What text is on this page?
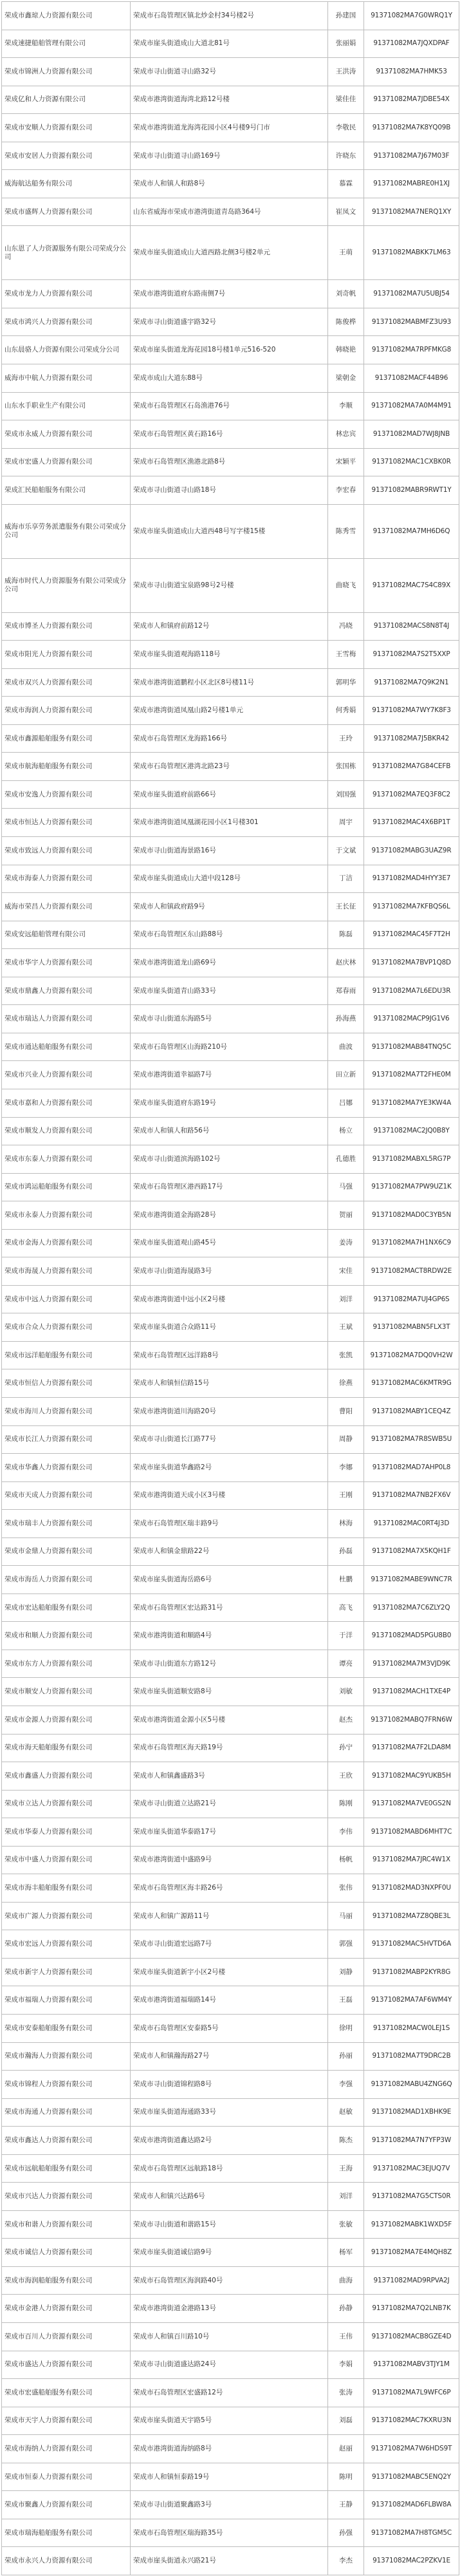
荣成市鑫琼人力资源有限公司	荣成市石岛管理区镇北炒金村34号楼2号	孙建国	91371082MA7G0WRQ1Y
荣成速捷船舶管理有限公司	荣成市崖头街道成山大道北81号	张丽娟	91371082MA7JQXDPAF
荣成市锦洲人力资源有限公司	荣成市寻山街道寻山路32号	王洪涛	91371082MA7HMK53
荣成亿和人力资源有限公司	荣成市港湾街道海湾北路12号楼	梁佳佳	91371082MA7JDBE54X
荣成市安顺人力资源有限公司	荣成市港湾街道龙海湾花园小区4号楼9号门市	李敬民	91371082MA7K8YQ09B
荣成市安居人力资源有限公司	荣成市寻山街道寻山路169号	许晓东	91371082MA7J67M03F
威海航达船务有限公司	荣成市人和镇人和路8号	慕霖	91371082MABRE0H1XJ
荣成市盛辉人力资源有限公司	山东省威海市荣成市港湾街道青岛路364号	崔凤文	91371082MA7NERQ1XY
山东恩了人力资源服务有限公司荣成分公司	荣成市崖头街道成山大道西路北侧3号楼2单元	王萌	91371082MABKK7LM63
荣成市龙力人力资源有限公司	荣成市港湾街道府东路南侧7号	刘奇帆	91371082MA7U5UBJ54
荣成市鸿兴人力资源有限公司	荣成市寻山街道盛宇路32号	陈俊桦	91371082MABMFZ3U93
山东晨骆人力资源有限公司荣成分公司	荣成市崖头街道龙海花园18号楼1单元516-520	韩晓艳	91371082MA7RPFMKG8
威海市中航人力资源有限公司	荣成市成山大道东88号	梁朝金	91371082MACF44B96
山东水手职业生产有限公司	荣成市石岛管理区石岛渔港76号	李顺	91371082MA7A0M4M91
荣成市永威人力资源有限公司	荣成市石岛管理区黄石路16号	林忠宾	91371082MAD7WJ8JNB
荣成市宏盛人力资源有限公司	荣成市石岛管理区渔港北路8号	宋颖平	91371082MAC1CXBK0R
荣成汇民船舶服务有限公司	荣成市寻山街道寻山路18号	李宏春	91371082MABR9RWT1Y
威海市乐享劳务派遣服务有限公司荣成分公司	荣成市崖头街道成山大道西48号写字楼15楼	陈秀雪	91371082MA7MH6D6Q
威海市时代人力资源服务有限公司荣成分公司	荣成市寻山街道宝泉路98号2号楼	曲晓飞	91371082MAC7S4C89X
荣成市博圣人力资源有限公司	荣成市人和镇府前路12号	冯晓	91371082MACS8N8T4J
荣成市阳光人力资源有限公司	荣成市崖头街道观海路118号	王雪梅	91371082MA7S2T5XXP
荣成市双兴人力资源有限公司	荣成市港湾街道鹏程小区北区8号楼11号	郭明华	91371082MA7Q9K2N1
荣成市海润人力资源有限公司	荣成市港湾街道凤凰山路2号楼1单元	何秀娟	91371082MA7WY7K8F3
荣成市鑫源船舶服务有限公司	荣成市石岛管理区龙海路166号	王玲	91371082MA7J5BKR42
荣成市航海船舶服务有限公司	荣成市石岛管理区港湾北路23号	张国栋	91371082MA7G84CEFB
荣成市安逸人力资源有限公司	荣成市崖头街道府前路66号	刘国强	91371082MA7EQ3F8C2
荣成市恒达人力资源有限公司	荣成市港湾街道凤凰湖花园小区1号楼301	周宇	91371082MAC4X6BP1T
荣成市致远人力资源有限公司	荣成市寻山街道海景路16号	于文斌	91371082MABG3UAZ9R
荣成市海泰人力资源有限公司	荣成市崖头街道成山大道中段128号	丁洁	91371082MAD4HYY3E7
威海市荣昌人力资源有限公司	荣成市人和镇政府路9号	王长征	91371082MA7KFBQS6L
荣成安远船舶管理有限公司	荣成市石岛管理区东山路88号	陈磊	91371082MAC45F7T2H
荣成市华宇人力资源有限公司	荣成市港湾街道龙山路69号	赵庆林	91371082MA7BVP1Q8D
荣成市鼎鑫人力资源有限公司	荣成市崖头街道青山路33号	郑春雨	91371082MA7L6EDU3R
荣成市瑞达人力资源有限公司	荣成市寻山街道东海路5号	孙海燕	91371082MACP9JG1V6
荣成市通达船舶服务有限公司	荣成市石岛管理区山海路210号	曲波	91371082MAB84TNQ5C
荣成市兴业人力资源有限公司	荣成市港湾街道幸福路7号	田立新	91371082MA7T2FHE0M
荣成市嘉和人力资源有限公司	荣成市崖头街道府东路19号	吕娜	91371082MA7YE3KW4A
荣成市顺发人力资源有限公司	荣成市人和镇人和路56号	杨立	91371082MAC2JQ0B8Y
荣成市东泰人力资源有限公司	荣成市寻山街道滨海路102号	孔德胜	91371082MABXL5RG7P
荣成市鸿运船舶服务有限公司	荣成市石岛管理区港西路17号	马强	91371082MA7PW9UZ1K
荣成市永泰人力资源有限公司	荣成市港湾街道金海路28号	贺丽	91371082MAD0C3YB5N
荣成市金海人力资源有限公司	荣成市崖头街道观山路45号	姜涛	91371082MA7H1NX6C9
荣成市海晟人力资源有限公司	荣成市寻山街道海晟路3号	宋佳	91371082MACT8RDW2E
荣成市中远人力资源有限公司	荣成市港湾街道中远小区2号楼	刘洋	91371082MA7UJ4GP6S
荣成市合众人力资源有限公司	荣成市崖头街道合众路11号	王斌	91371082MABN5FLX3T
荣成市远洋船舶服务有限公司	荣成市石岛管理区远洋路8号	张凯	91371082MA7DQ0VH2W
荣成市恒信人力资源有限公司	荣成市人和镇恒信路15号	徐燕	91371082MAC6KMTR9G
荣成市海川人力资源有限公司	荣成市港湾街道川海路20号	曹阳	91371082MABY1CEQ4Z
荣成市长江人力资源有限公司	荣成市寻山街道长江路77号	周静	91371082MA7R8SWB5U
荣成市华鑫人力资源有限公司	荣成市崖头街道华鑫路2号	李娜	91371082MAD7AHP0L8
荣成市天成人力资源有限公司	荣成市港湾街道天成小区3号楼	王刚	91371082MA7NB2FX6V
荣成市瑞丰人力资源有限公司	荣成市石岛管理区瑞丰路9号	林海	91371082MAC0RT4J3D
荣成市金鼎人力资源有限公司	荣成市人和镇金鼎路22号	孙磊	91371082MA7X5KQH1F
荣成市海岳人力资源有限公司	荣成市崖头街道海岳路6号	杜鹏	91371082MABE9WNC7R
荣成市宏达船舶服务有限公司	荣成市石岛管理区宏达路31号	高飞	91371082MA7C6ZLY2Q
荣成市和顺人力资源有限公司	荣成市港湾街道和顺路4号	于洋	91371082MAD5PGU8B0
荣成市东方人力资源有限公司	荣成市寻山街道东方路12号	谭亮	91371082MA7M3VJD9K
荣成市顺安人力资源有限公司	荣成市崖头街道顺安路8号	刘敏	91371082MACH1TXE4P
荣成市金源人力资源有限公司	荣成市港湾街道金源小区5号楼	赵杰	91371082MABQ7FRN6W
荣成市海天船舶服务有限公司	荣成市石岛管理区海天路19号	孙宁	91371082MA7F2LDA8M
荣成市鑫盛人力资源有限公司	荣成市人和镇鑫盛路3号	王欣	91371082MAC9YUKB5H
荣成市立达人力资源有限公司	荣成市寻山街道立达路21号	陈刚	91371082MA7VE0GS2N
荣成市华泰人力资源有限公司	荣成市崖头街道华泰路17号	李伟	91371082MABD6MHT7C
荣成市中盛人力资源有限公司	荣成市港湾街道中盛路9号	杨帆	91371082MA7JRC4W1X
荣成市海丰船舶服务有限公司	荣成市石岛管理区海丰路26号	张伟	91371082MAD3NXPF0U
荣成市广源人力资源有限公司	荣成市人和镇广源路11号	马丽	91371082MA7Z8QBE3L
荣成市宏远人力资源有限公司	荣成市寻山街道宏远路7号	郭强	91371082MAC5HVTD6A
荣成市新宇人力资源有限公司	荣成市崖头街道新宇小区2号楼	刘静	91371082MABP2KYR8G
荣成市福瑞人力资源有限公司	荣成市港湾街道福瑞路14号	王磊	91371082MA7AF6WM4Y
荣成市安泰船舶服务有限公司	荣成市石岛管理区安泰路5号	徐明	91371082MACW0LEJ1S
荣成市瀚海人力资源有限公司	荣成市人和镇瀚海路27号	孙丽	91371082MA7T9DRC2B
荣成市锦程人力资源有限公司	荣成市寻山街道锦程路8号	李强	91371082MABU4ZNG6Q
荣成市海通人力资源有限公司	荣成市崖头街道海通路33号	赵敏	91371082MAD1XBHK9E
荣成市鑫达人力资源有限公司	荣成市港湾街道鑫达路2号	陈杰	91371082MA7N7YFP3W
荣成市远航船舶服务有限公司	荣成市石岛管理区远航路18号	王海	91371082MAC3EJUQ7V
荣成市兴达人力资源有限公司	荣成市人和镇兴达路6号	刘洋	91371082MA7G5CTS0R
荣成市和谐人力资源有限公司	荣成市寻山街道和谐路15号	张敏	91371082MABK1WXD5F
荣成市诚信人力资源有限公司	荣成市崖头街道诚信路9号	杨军	91371082MA7E4MQH8Z
荣成市海润船舶服务有限公司	荣成市石岛管理区海润路40号	曲海	91371082MAD9RPVA2J
荣成市金港人力资源有限公司	荣成市港湾街道金港路13号	孙静	91371082MA7Q2LNB7K
荣成市百川人力资源有限公司	荣成市人和镇百川路10号	王伟	91371082MACB8GZE4D
荣成市盛达人力资源有限公司	荣成市寻山街道盛达路24号	李娟	91371082MABV3TJY1M
荣成市宏盛船舶服务有限公司	荣成市石岛管理区宏盛路12号	张涛	91371082MA7L9WFC6P
荣成市天宇人力资源有限公司	荣成市崖头街道天宇路5号	刘磊	91371082MAC7KXRU3N
荣成市海纳人力资源有限公司	荣成市港湾街道海纳路8号	赵丽	91371082MA7W6HDS9T
荣成市恒泰人力资源有限公司	荣成市人和镇恒泰路19号	陈明	91371082MABC5ENQ2Y
荣成市聚鑫人力资源有限公司	荣成市寻山街道聚鑫路3号	王静	91371082MAD6FLBW8A
荣成市瑞海船舶服务有限公司	荣成市石岛管理区瑞海路35号	孙强	91371082MA7H8TGM5C
荣成市永兴人力资源有限公司	荣成市崖头街道永兴路21号	李杰	91371082MAC2PZKV1E
